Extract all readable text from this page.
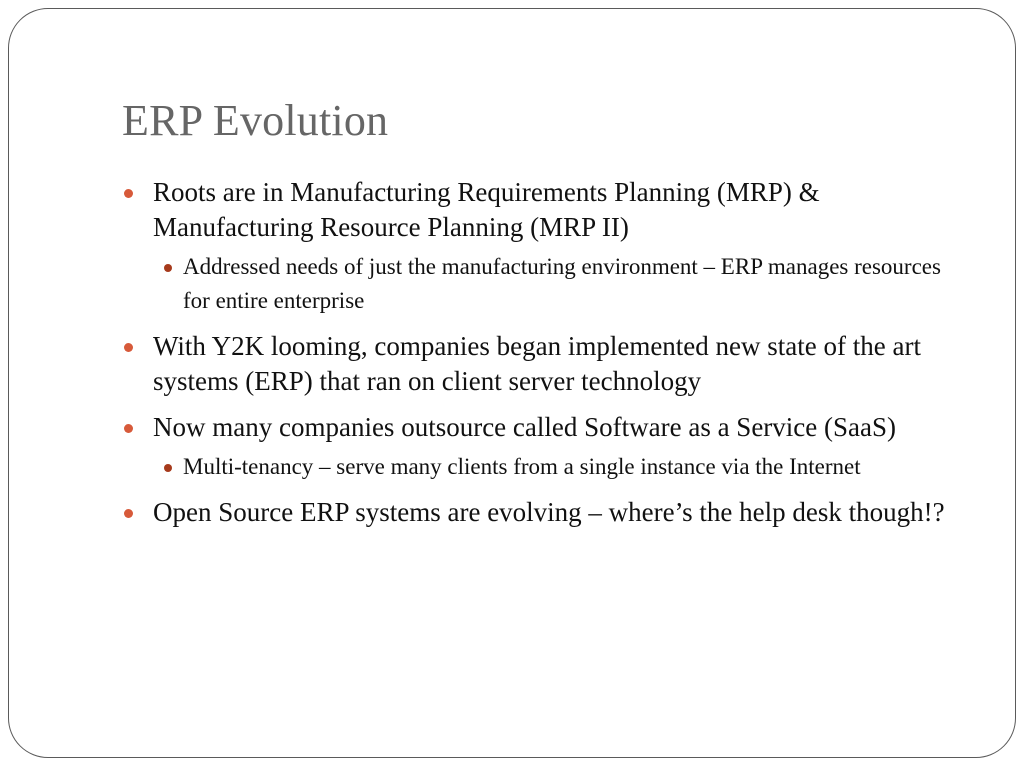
ERP Evolution
Roots are in Manufacturing Requirements Planning (MRP) & Manufacturing Resource Planning (MRP II)
Addressed needs of just the manufacturing environment – ERP manages resources for entire enterprise
With Y2K looming, companies began implemented new state of the art systems (ERP) that ran on client server technology
Now many companies outsource called Software as a Service (SaaS)
Multi-tenancy – serve many clients from a single instance via the Internet
Open Source ERP systems are evolving – where’s the help desk though!?
